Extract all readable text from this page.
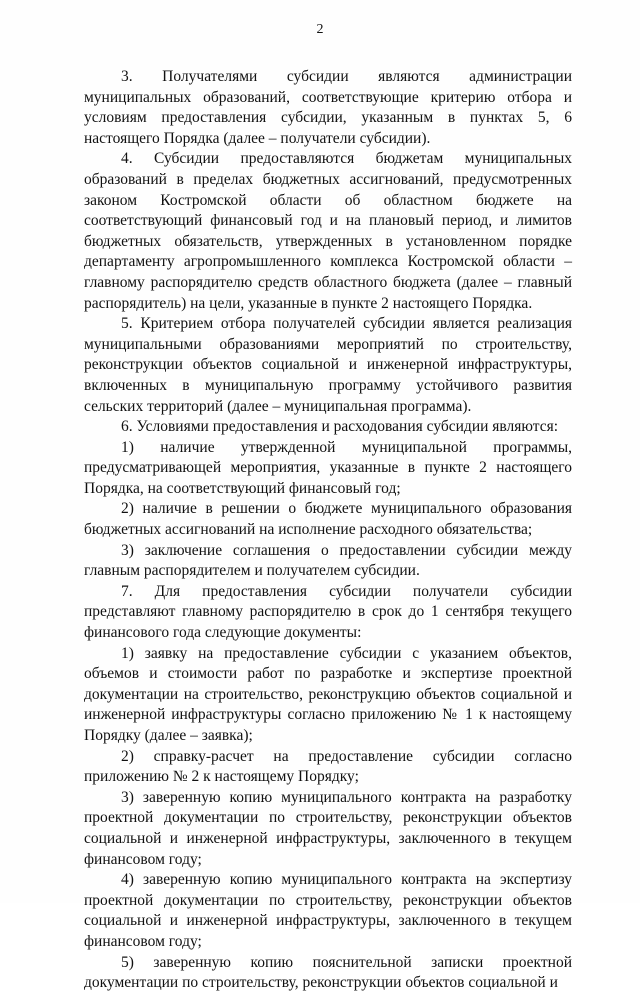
2

3. Получателями субсидии являются администрации муниципальных образований, соответствующие критерию отбора и условиям предоставления субсидии, указанным в пунктах 5, 6 настоящего Порядка (далее – получатели субсидии).

4. Субсидии предоставляются бюджетам муниципальных образований в пределах бюджетных ассигнований, предусмотренных законом Костромской области об областном бюджете на соответствующий финансовый год и на плановый период, и лимитов бюджетных обязательств, утвержденных в установленном порядке департаменту агропромышленного комплекса Костромской области – главному распорядителю средств областного бюджета (далее – главный распорядитель) на цели, указанные в пункте 2 настоящего Порядка.

5. Критерием отбора получателей субсидии является реализация муниципальными образованиями мероприятий по строительству, реконструкции объектов социальной и инженерной инфраструктуры, включенных в муниципальную программу устойчивого развития сельских территорий (далее – муниципальная программа).

6. Условиями предоставления и расходования субсидии являются:

1) наличие утвержденной муниципальной программы, предусматривающей мероприятия, указанные в пункте 2 настоящего Порядка, на соответствующий финансовый год;

2) наличие в решении о бюджете муниципального образования бюджетных ассигнований на исполнение расходного обязательства;

3) заключение соглашения о предоставлении субсидии между главным распорядителем и получателем субсидии.

7. Для предоставления субсидии получатели субсидии представляют главному распорядителю в срок до 1 сентября текущего финансового года следующие документы:

1) заявку на предоставление субсидии с указанием объектов, объемов и стоимости работ по разработке и экспертизе проектной документации на строительство, реконструкцию объектов социальной и инженерной инфраструктуры согласно приложению № 1 к настоящему Порядку (далее – заявка);

2) справку-расчет на предоставление субсидии согласно приложению № 2 к настоящему Порядку;

3) заверенную копию муниципального контракта на разработку проектной документации по строительству, реконструкции объектов социальной и инженерной инфраструктуры, заключенного в текущем финансовом году;

4) заверенную копию муниципального контракта на экспертизу проектной документации по строительству, реконструкции объектов социальной и инженерной инфраструктуры, заключенного в текущем финансовом году;

5) заверенную копию пояснительной записки проектной документации по строительству, реконструкции объектов социальной и
